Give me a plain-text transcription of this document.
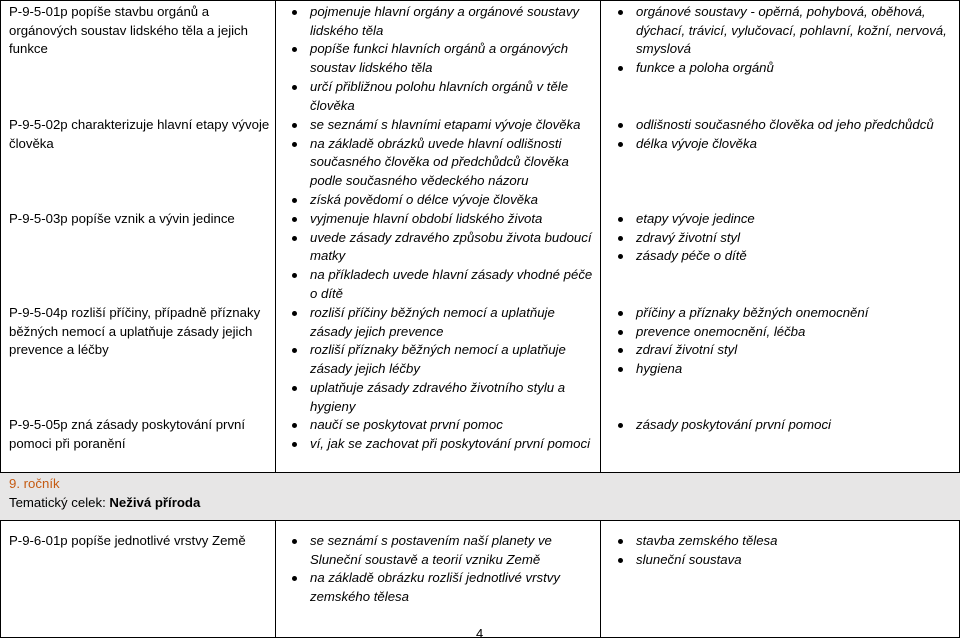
P-9-5-01p popíše stavbu orgánů a orgánových soustav lidského těla a jejich funkce
pojmenuje hlavní orgány a orgánové soustavy lidského těla
popíše funkci hlavních orgánů a orgánových soustav lidského těla
určí přibližnou polohu hlavních orgánů v těle člověka
orgánové soustavy - opěrná, pohybová, oběhová, dýchací, trávicí, vylučovací, pohlavní, kožní, nervová, smyslová
funkce a poloha orgánů
P-9-5-02p charakterizuje hlavní etapy vývoje člověka
se seznámí s hlavními etapami vývoje člověka
na základě obrázků uvede hlavní odlišnosti současného člověka od předchůdců člověka podle současného vědeckého názoru
získá povědomí o délce vývoje člověka
odlišnosti současného člověka od jeho předchůdců
délka vývoje člověka
P-9-5-03p popíše vznik a vývin jedince	vyjmenuje hlavní období lidského života
uvede zásady zdravého způsobu života budoucí matky
na příkladech uvede hlavní zásady vhodné péče o dítě
etapy vývoje jedince
zdravý životní styl
zásady péče o dítě
P-9-5-04p rozliší příčiny, případně příznaky běžných nemocí a uplatňuje zásady jejich prevence a léčby
rozliší příčiny běžných nemocí a uplatňuje zásady jejich prevence
rozliší příznaky běžných nemocí a uplatňuje zásady jejich léčby
uplatňuje zásady zdravého životního stylu a hygieny
příčiny a příznaky běžných onemocnění
prevence onemocnění, léčba
zdraví životní styl
hygiena
P-9-5-05p zná zásady poskytování první pomoci při poranění
naučí se poskytovat první pomoc
ví, jak se zachovat při poskytování první pomoci
zásady poskytování první pomoci
9. ročník
Tematický celek: Neživá příroda
P-9-6-01p popíše jednotlivé vrstvy Země	se seznámí s postavením naší planety ve Sluneční soustavě a teorií vzniku Země
na základě obrázku rozliší jednotlivé vrstvy zemského tělesa
stavba zemského tělesa
sluneční soustava
4
